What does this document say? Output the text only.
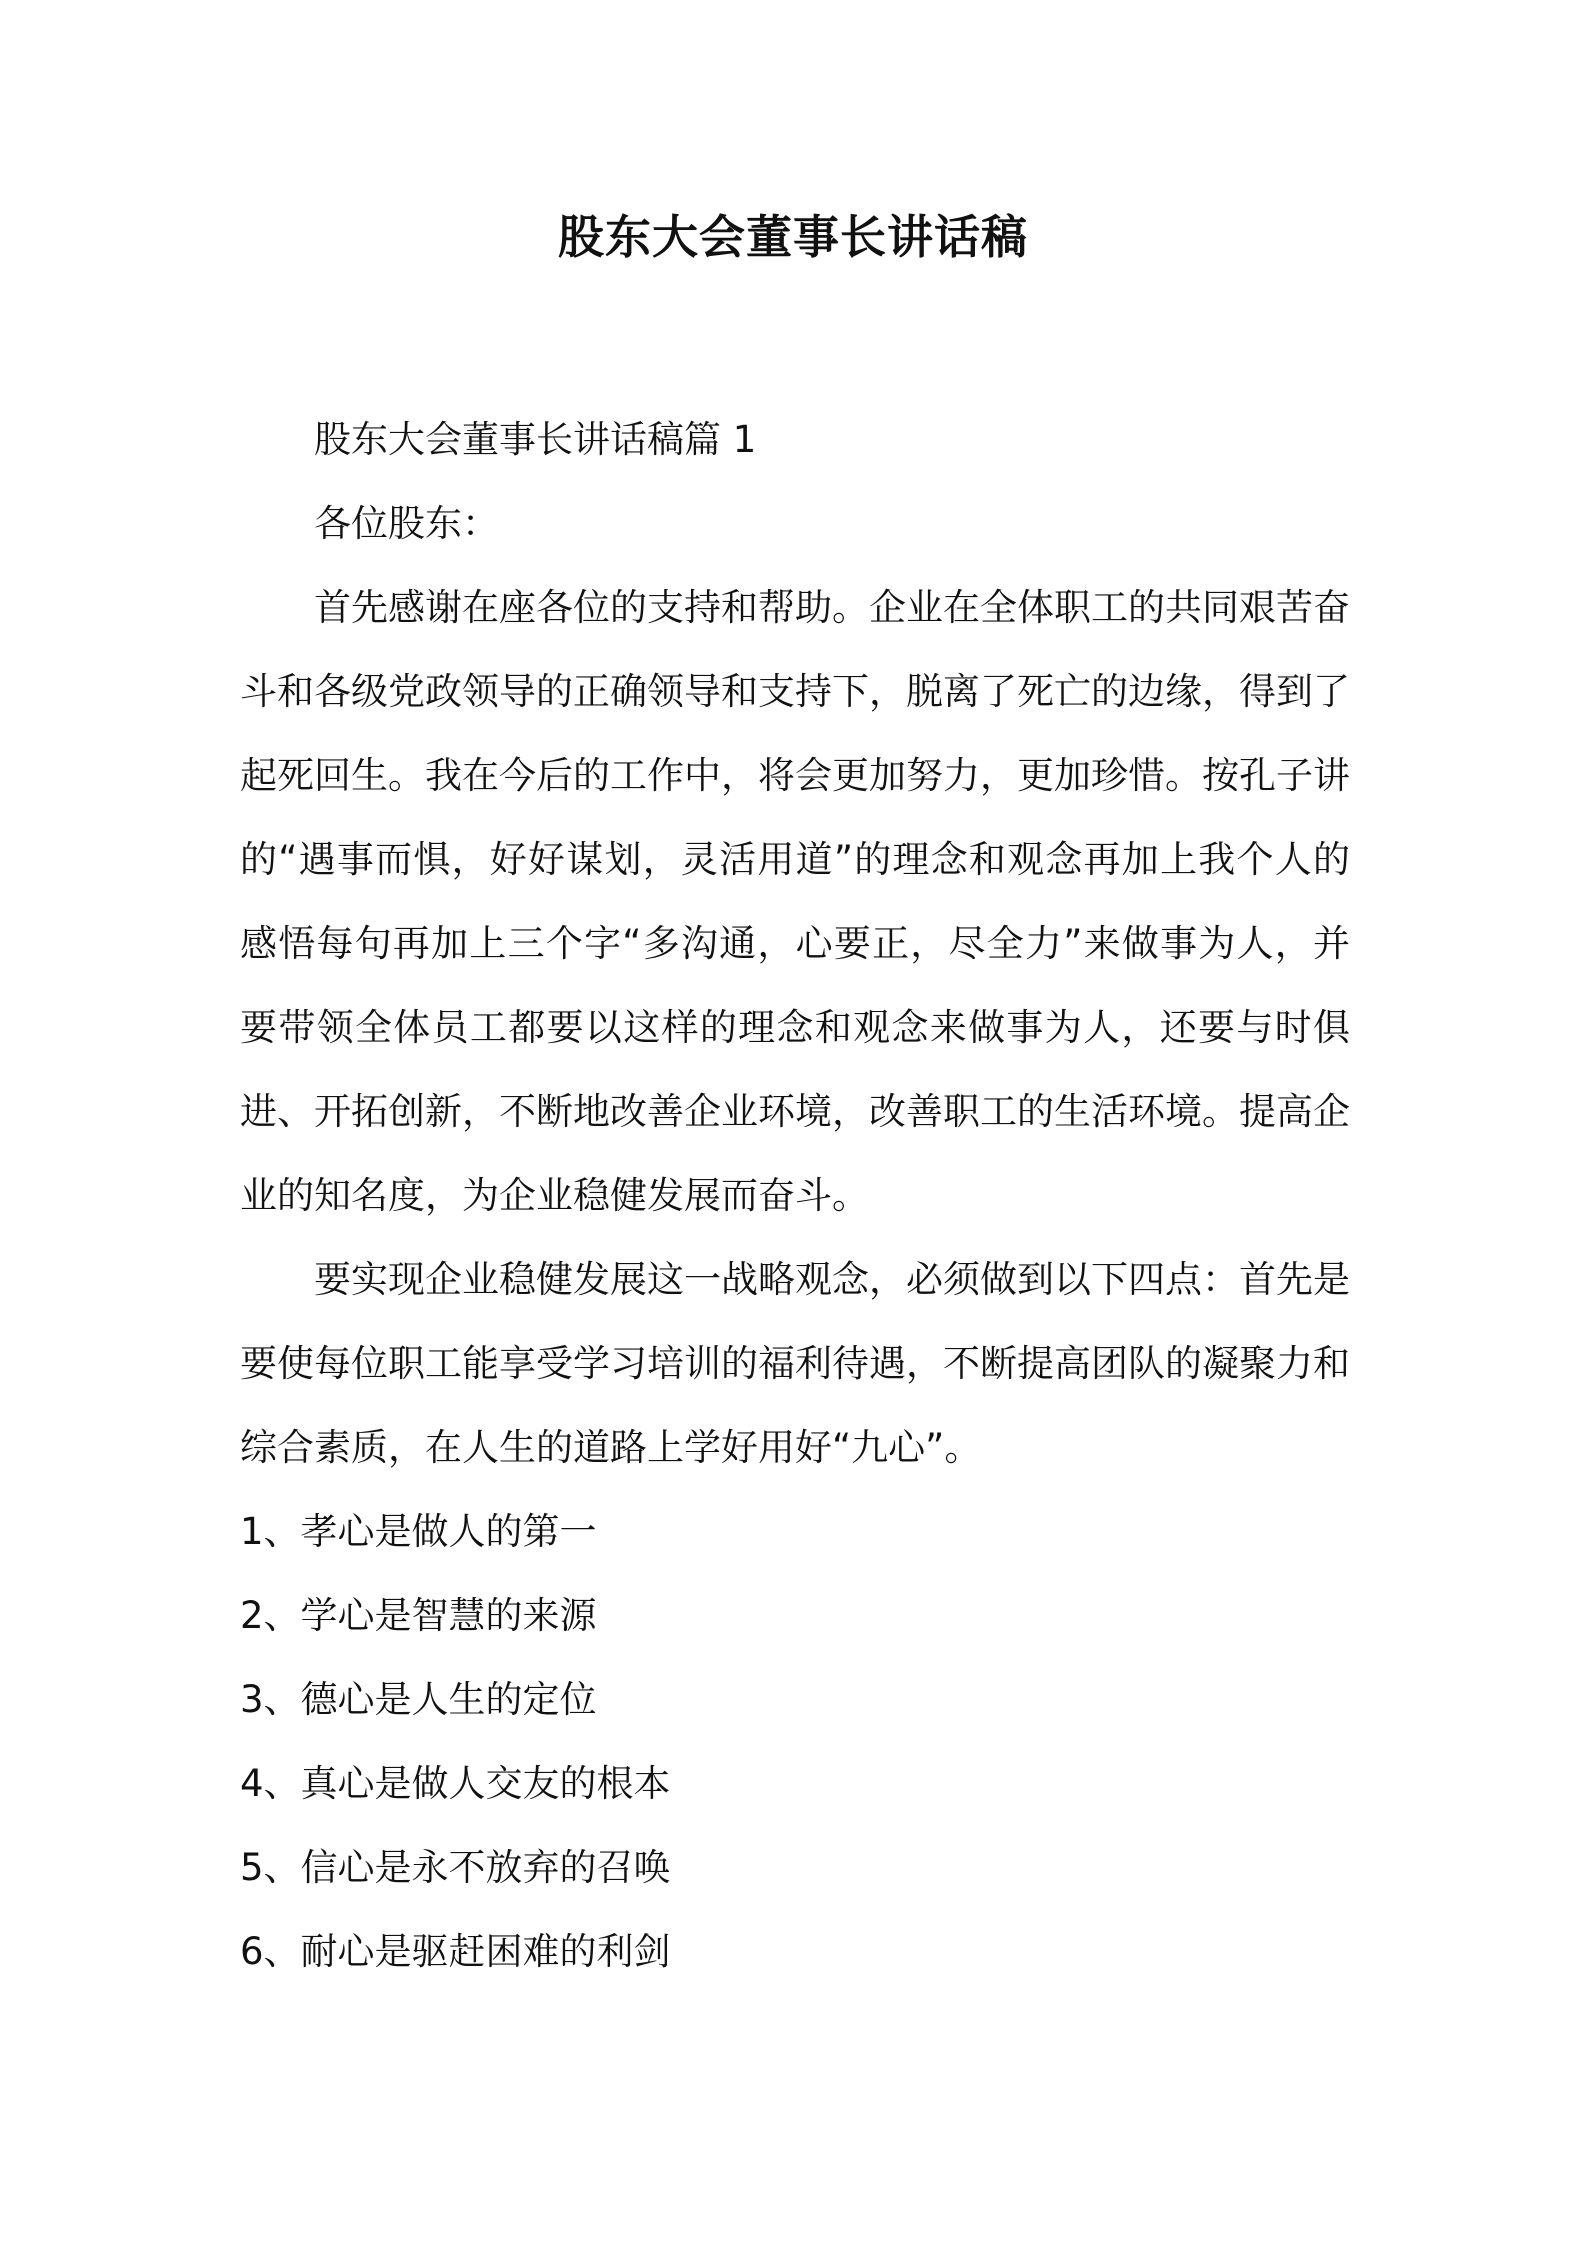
股东大会董事长讲话稿

股东大会董事长讲话稿篇 1

各位股东：

首先感谢在座各位的支持和帮助。企业在全体职工的共同艰苦奋斗和各级党政领导的正确领导和支持下，脱离了死亡的边缘，得到了起死回生。我在今后的工作中，将会更加努力，更加珍惜。按孔子讲的“遇事而惧，好好谋划，灵活用道”的理念和观念再加上我个人的感悟每句再加上三个字“多沟通，心要正，尽全力”来做事为人，并要带领全体员工都要以这样的理念和观念来做事为人，还要与时俱进、开拓创新，不断地改善企业环境，改善职工的生活环境。提高企业的知名度，为企业稳健发展而奋斗。

要实现企业稳健发展这一战略观念，必须做到以下四点：首先是要使每位职工能享受学习培训的福利待遇，不断提高团队的凝聚力和综合素质，在人生的道路上学好用好“九心”。

1、孝心是做人的第一

2、学心是智慧的来源

3、德心是人生的定位

4、真心是做人交友的根本

5、信心是永不放弃的召唤

6、耐心是驱赶困难的利剑
